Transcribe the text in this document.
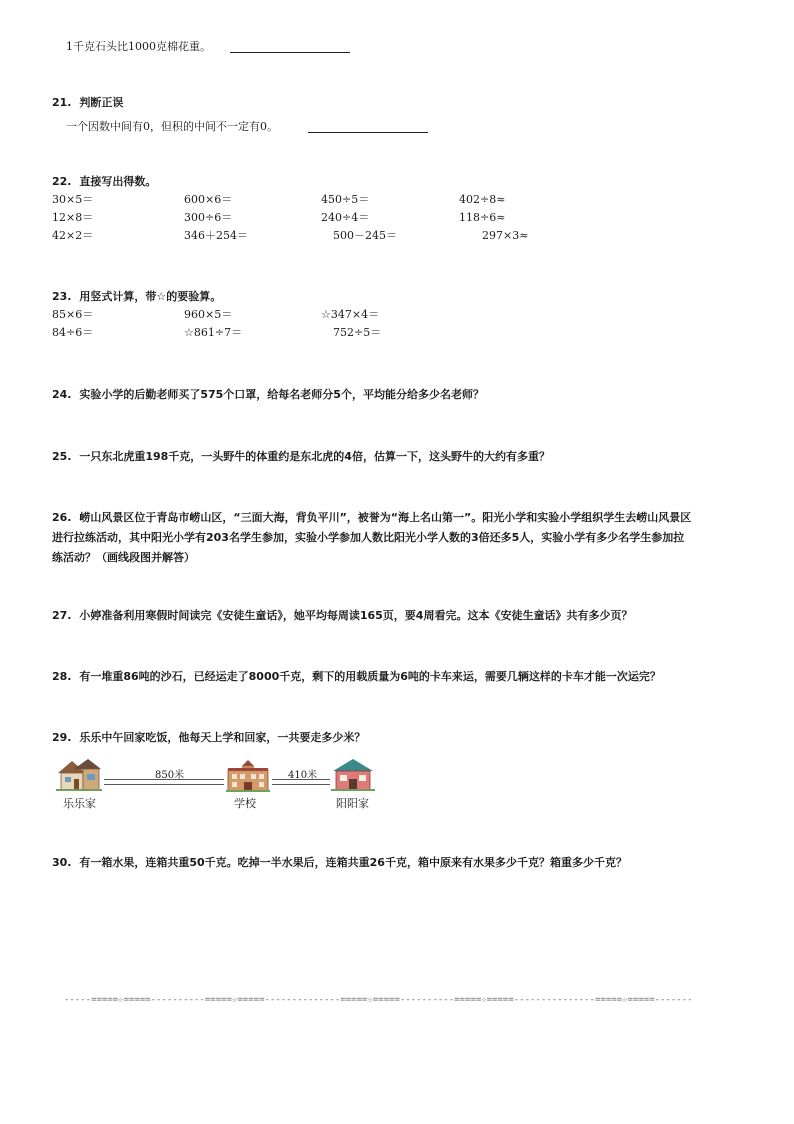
1千克石头比1000克棉花重。
21. 判断正误
一个因数中间有0，但积的中间不一定有0。
22. 直接写出得数。
30×5＝	600×6＝	450÷5＝	402÷8≈
12×8＝	300÷6＝	240÷4＝	118÷6≈
42×2＝	346＋254＝	500－245＝	297×3≈
23. 用竖式计算，带☆的要验算。
85×6＝	960×5＝	☆347×4＝
84÷6＝	☆861÷7＝	752÷5＝
24. 实验小学的后勤老师买了575个口罩，给每名老师分5个，平均能分给多少名老师？
25. 一只东北虎重198千克，一头野牛的体重约是东北虎的4倍，估算一下，这头野牛的大约有多重？
26. 崂山风景区位于青岛市崂山区，“三面大海，背负平川”，被誉为“海上名山第一”。阳光小学和实验小学组织学生去崂山风景区进行拉练活动，其中阳光小学有203名学生参加，实验小学参加人数比阳光小学人数的3倍还多5人，实验小学有多少名学生参加拉练活动？（画线段图并解答）
27. 小婷准备利用寒假时间读完《安徒生童话》，她平均每周读165页，要4周看完。这本《安徒生童话》共有多少页？
28. 有一堆重86吨的沙石，已经运走了8000千克，剩下的用载质量为6吨的卡车来运，需要几辆这样的卡车才能一次运完？
29. 乐乐中午回家吃饭，他每天上学和回家，一共要走多少米？
850米	410米
乐乐家	学校	阳阳家
30. 有一箱水果，连箱共重50千克。吃掉一半水果后，连箱共重26千克，箱中原来有水果多少千克？箱重多少千克？
-----=====☆=====----------=====☆=====--------------=====☆=====----------=====☆=====---------------=====☆=====-------
